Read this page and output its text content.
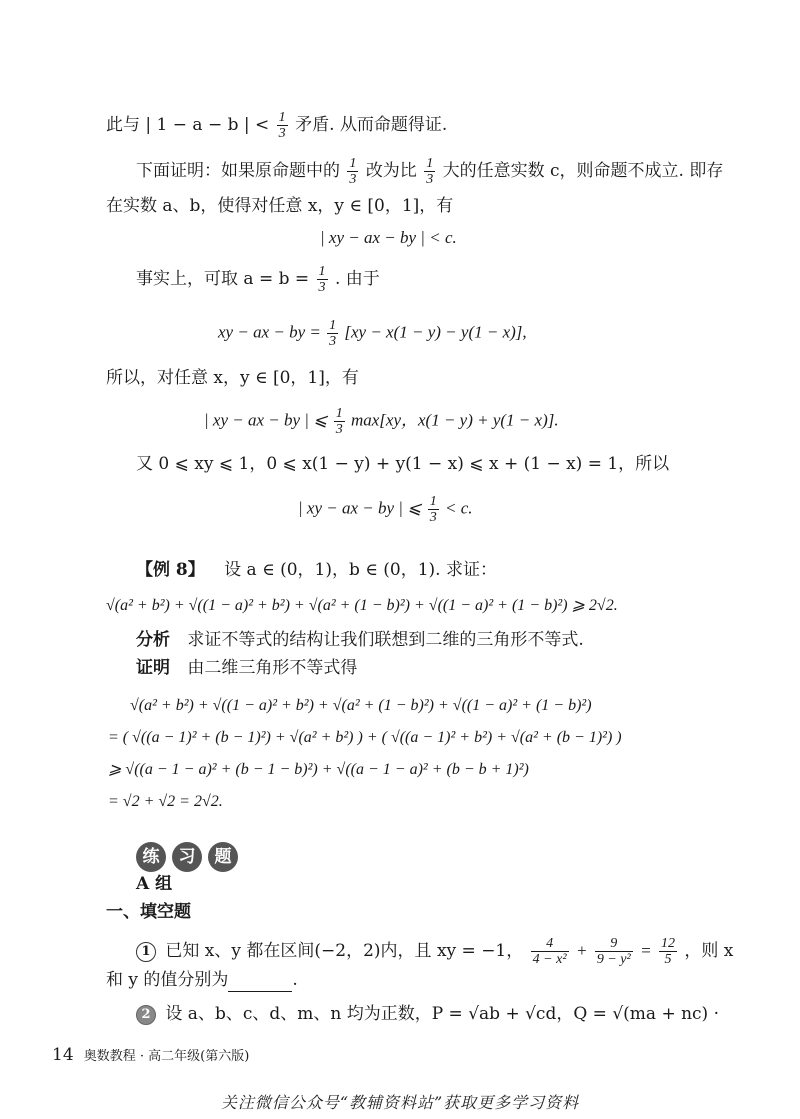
此与 | 1 − a − b | < $\frac{1}{3}$ 矛盾. 从而命题得证.
下面证明：如果原命题中的 $\frac{1}{3}$ 改为比 $\frac{1}{3}$ 大的任意实数 c，则命题不成立. 即存
在实数 a、b，使得对任意 x，y ∈ [0，1]，有
| xy − ax − by | < c.
事实上，可取 $a = b = \frac{1}{3}$ . 由于
xy − ax − by = $\frac{1}{3} [xy - x(1 - y) - y(1 - x)]$,
所以，对任意 x，y ∈ [0，1]，有
| xy − ax − by | ⩽ $\frac{1}{3} \max[xy$，x(1 − y) + y(1 − x)].
又 0 ⩽ xy ⩽ 1，0 ⩽ x(1 − y) + y(1 − x) ⩽ x + (1 − x) = 1，所以
| xy − ax − by | ⩽ $\frac{1}{3} < c$.
【例 8】 设 a ∈ (0，1)，b ∈ (0，1). 求证：
√(a² + b²) + √((1 − a)² + b²) + √(a² + (1 − b)²) + √((1 − a)² + (1 − b)²) ⩾ 2√2.
分析 求证不等式的结构让我们联想到二维的三角形不等式.
证明 由二维三角形不等式得
√(a² + b²) + √((1 − a)² + b²) + √(a² + (1 − b)²) + √((1 − a)² + (1 − b)²)
= ( √((a − 1)² + (b − 1)²) + √(a² + b²) ) + ( √((a − 1)² + b²) + √(a² + (b − 1)²) )
⩾ √((a − 1 − a)² + (b − 1 − b)²) + √((a − 1 − a)² + (b − b + 1)²)
= √2 + √2 = 2√2.
练	习	题
A 组
一、填空题
1 已知 x、y 都在区间(−2，2)内，且 xy = −1， $\frac{4}{\text{4 − x²}} + \frac{9}{\text{9 − y²}} = \frac{12}{5}$ ，则 x
和 y 的值分别为	.
2 设 a、b、c、d、m、n 均为正数，P = √ab + √cd，Q = √(ma + nc) ·
14 奥数教程 · 高二年级(第六版)
关注微信公众号“教辅资料站”获取更多学习资料
